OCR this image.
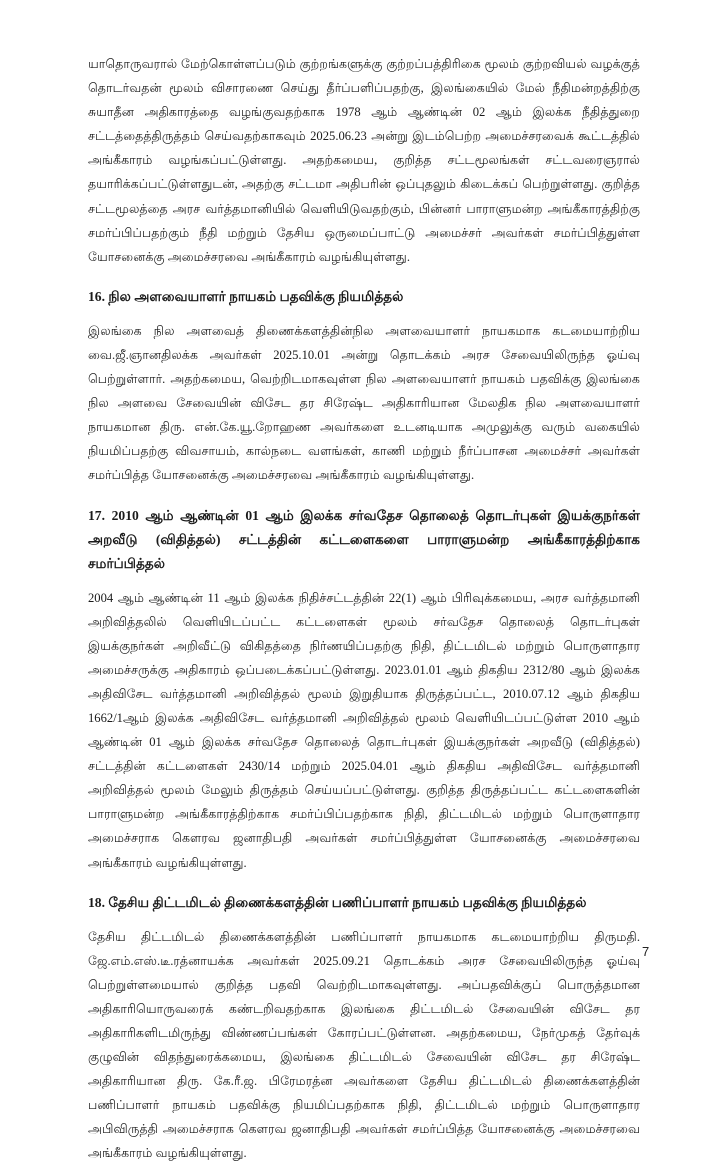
யாதொருவரால் மேற்கொள்ளப்படும் குற்றங்களுக்கு குற்றப்பத்திரிகை மூலம் குற்றவியல் வழக்குத் தொடர்வதன் மூலம் விசாரணை செய்து தீர்ப்பளிப்பதற்கு, இலங்கையில் மேல் நீதிமன்றத்திற்கு சுயாதீன அதிகாரத்தை வழங்குவதற்காக 1978 ஆம் ஆண்டின் 02 ஆம் இலக்க நீதித்துறை சட்டத்தைத்திருத்தம் செய்வதற்காகவும் 2025.06.23 அன்று இடம்பெற்ற அமைச்சரவைக் கூட்டத்தில் அங்கீகாரம் வழங்கப்பட்டுள்ளது. அதற்கமைய, குறித்த சட்டமூலங்கள் சட்டவரைஞரால் தயாரிக்கப்பட்டுள்ளதுடன், அதற்கு சட்டமா அதிபரின் ஒப்புதலும் கிடைக்கப் பெற்றுள்ளது. குறித்த சட்டமூலத்தை அரச வர்த்தமானியில் வெளியிடுவதற்கும், பின்னர் பாராளுமன்ற அங்கீகாரத்திற்கு சமர்ப்பிப்பதற்கும் நீதி மற்றும் தேசிய ஒருமைப்பாட்டு அமைச்சர் அவர்கள் சமர்ப்பித்துள்ள யோசனைக்கு அமைச்சரவை அங்கீகாரம் வழங்கியுள்ளது.

16. நில அளவையாளர் நாயகம் பதவிக்கு நியமித்தல்

இலங்கை நில அளவைத் திணைக்களத்தின்நில அளவையாளர் நாயகமாக கடமையாற்றிய வை.ஜீ.ஞானதிலக்க அவர்கள் 2025.10.01 அன்று தொடக்கம் அரச சேவையிலிருந்த ஓய்வு பெற்றுள்ளார். அதற்கமைய, வெற்றிடமாகவுள்ள நில அளவையாளர் நாயகம் பதவிக்கு இலங்கை நில அளவை சேவையின் விசேட தர சிரேஷ்ட அதிகாரியான மேலதிக நில அளவையாளர் நாயகமான திரு. என்.கே.யூ.றோஹண அவர்களை உடனடியாக அமுலுக்கு வரும் வகையில் நியமிப்பதற்கு விவசாயம், கால்நடை வளங்கள், காணி மற்றும் நீர்ப்பாசன அமைச்சர் அவர்கள் சமர்ப்பித்த யோசனைக்கு அமைச்சரவை அங்கீகாரம் வழங்கியுள்ளது.

17. 2010 ஆம் ஆண்டின் 01 ஆம் இலக்க சர்வதேச தொலைத் தொடர்புகள் இயக்குநர்கள் அறவீடு (விதித்தல்) சட்டத்தின் கட்டளைகளை பாராளுமன்ற அங்கீகாரத்திற்காக சமர்ப்பித்தல்

2004 ஆம் ஆண்டின் 11 ஆம் இலக்க நிதிச்சட்டத்தின் 22(1) ஆம் பிரிவுக்கமைய, அரச வர்த்தமானி அறிவித்தலில் வெளியிடப்பட்ட கட்டளைகள் மூலம் சர்வதேச தொலைத் தொடர்புகள் இயக்குநர்கள் அறிவீட்டு விகிதத்தை நிர்ணயிப்பதற்கு நிதி, திட்டமிடல் மற்றும் பொருளாதார அமைச்சருக்கு அதிகாரம் ஒப்படைக்கப்பட்டுள்ளது. 2023.01.01 ஆம் திகதிய 2312/80 ஆம் இலக்க அதிவிசேட வர்த்தமானி அறிவித்தல் மூலம் இறுதியாக திருத்தப்பட்ட, 2010.07.12 ஆம் திகதிய 1662/1ஆம் இலக்க அதிவிசேட வர்த்தமானி அறிவித்தல் மூலம் வெளியிடப்பட்டுள்ள 2010 ஆம் ஆண்டின் 01 ஆம் இலக்க சர்வதேச தொலைத் தொடர்புகள் இயக்குநர்கள் அறவீடு (விதித்தல்) சட்டத்தின் கட்டளைகள் 2430/14 மற்றும் 2025.04.01 ஆம் திகதிய அதிவிசேட வர்த்தமானி அறிவித்தல் மூலம் மேலும் திருத்தம் செய்யப்பட்டுள்ளது. குறித்த திருத்தப்பட்ட கட்டளைகளின் பாராளுமன்ற அங்கீகாரத்திற்காக சமர்ப்பிப்பதற்காக நிதி, திட்டமிடல் மற்றும் பொருளாதார அமைச்சராக கௌரவ ஜனாதிபதி அவர்கள் சமர்ப்பித்துள்ள யோசனைக்கு அமைச்சரவை அங்கீகாரம் வழங்கியுள்ளது.

18. தேசிய திட்டமிடல் திணைக்களத்தின் பணிப்பாளர் நாயகம் பதவிக்கு நியமித்தல்

தேசிய திட்டமிடல் திணைக்களத்தின் பணிப்பாளர் நாயகமாக கடமையாற்றிய திருமதி. ஜே.எம்.எஸ்.டீ.ரத்னாயக்க அவர்கள் 2025.09.21 தொடக்கம் அரச சேவையிலிருந்த ஓய்வு பெற்றுள்ளமையால் குறித்த பதவி வெற்றிடமாகவுள்ளது. அப்பதவிக்குப் பொருத்தமான அதிகாரியொருவரைக் கண்டறிவதற்காக இலங்கை திட்டமிடல் சேவையின் விசேட தர அதிகாரிகளிடமிருந்து விண்ணப்பங்கள் கோரப்பட்டுள்ளன. அதற்கமைய, நேர்முகத் தேர்வுக் குழுவின் விதந்துரைக்கமைய, இலங்கை திட்டமிடல் சேவையின் விசேட தர சிரேஷ்ட அதிகாரியான திரு. கே.ரீ.ஜ. பிரேமரத்ன அவர்களை தேசிய திட்டமிடல் திணைக்களத்தின் பணிப்பாளர் நாயகம் பதவிக்கு நியமிப்பதற்காக நிதி, திட்டமிடல் மற்றும் பொருளாதார அபிவிருத்தி அமைச்சராக கௌரவ ஜனாதிபதி அவர்கள் சமர்ப்பித்த யோசனைக்கு அமைச்சரவை அங்கீகாரம் வழங்கியுள்ளது.

7
